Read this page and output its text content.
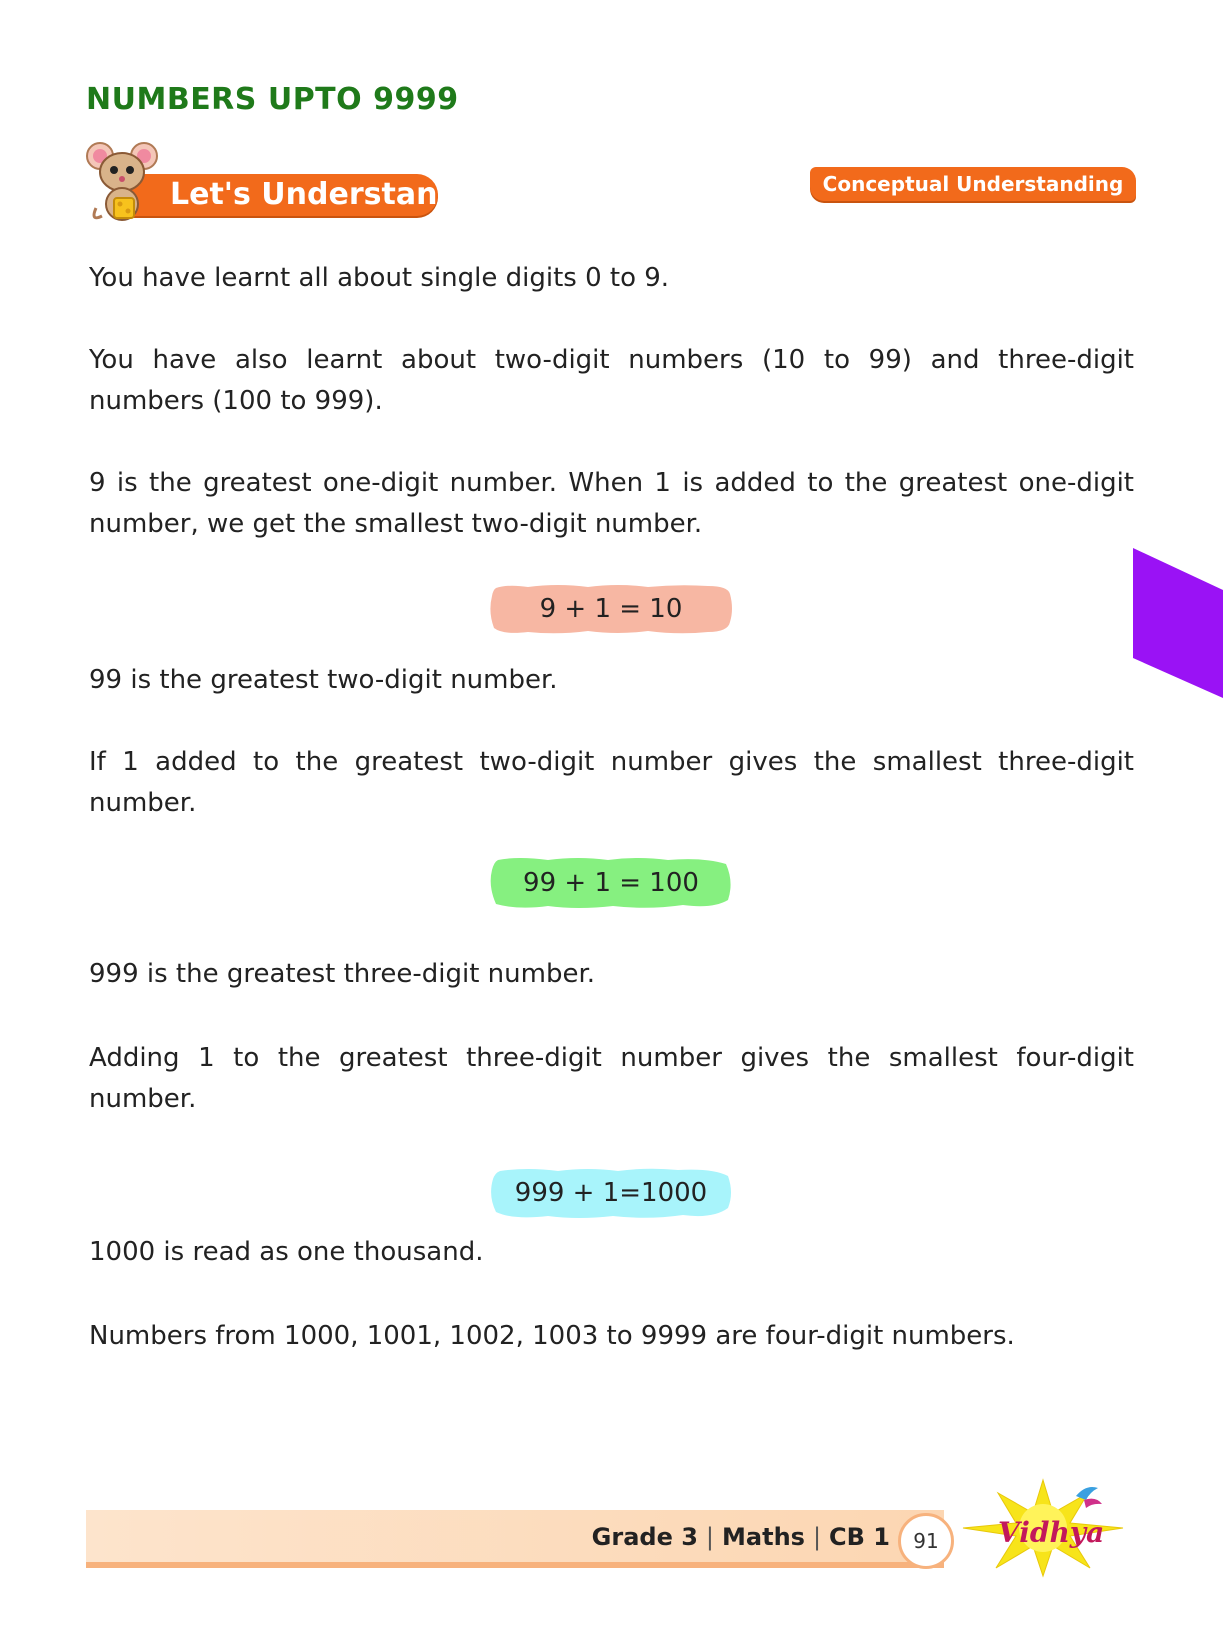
NUMBERS UPTO 9999
Let's Understand	Conceptual Understanding
You have learnt all about single digits 0 to 9.
You have also learnt about two-digit numbers (10 to 99) and three-digit numbers (100 to 999).
9 is the greatest one-digit number. When 1 is added to the greatest one-digit number, we get the smallest two-digit number.
9 + 1 = 10
99 is the greatest two-digit number.
If 1 added to the greatest two-digit number gives the smallest three-digit number.
99 + 1 = 100
999 is the greatest three-digit number.
Adding 1 to the greatest three-digit number gives the smallest four-digit number.
999 + 1=1000
1000 is read as one thousand.
Numbers from 1000, 1001, 1002, 1003 to 9999 are four-digit numbers.
Grade 3 | Maths | CB 1	91	Vidhya
